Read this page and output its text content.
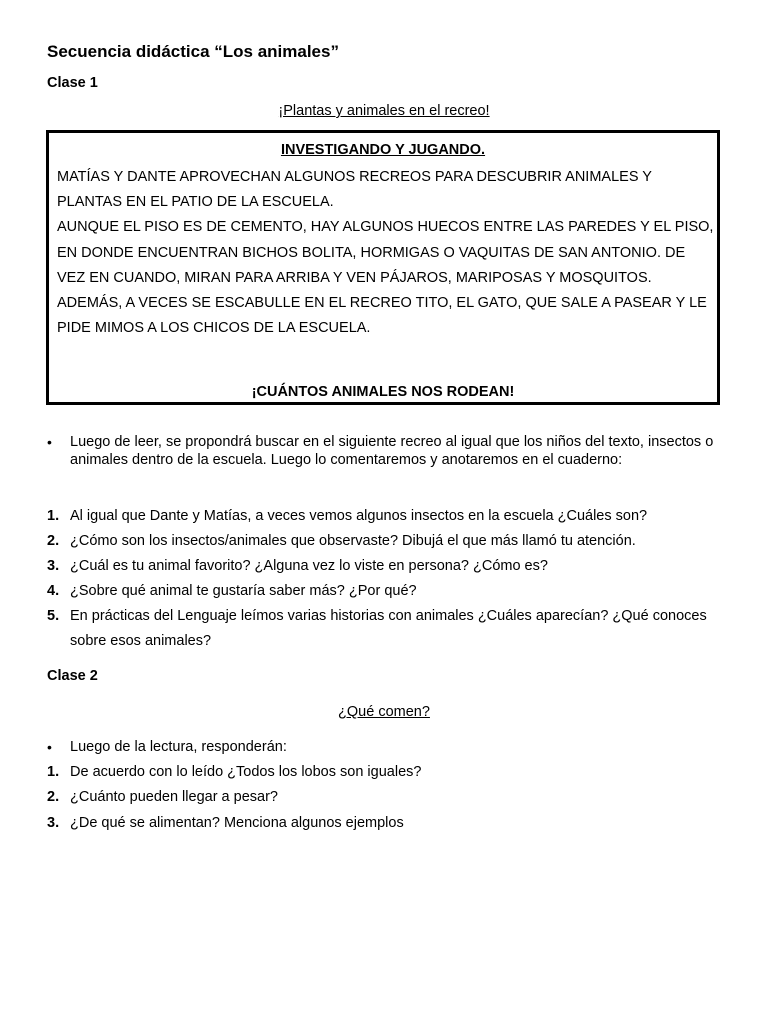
Secuencia didáctica “Los animales”
Clase 1

¡Plantas y animales en el recreo!

INVESTIGANDO Y JUGANDO.

MATÍAS Y DANTE APROVECHAN ALGUNOS RECREOS PARA DESCUBRIR ANIMALES Y PLANTAS EN EL PATIO DE LA ESCUELA.

AUNQUE EL PISO ES DE CEMENTO, HAY ALGUNOS HUECOS ENTRE LAS PAREDES Y EL PISO, EN DONDE ENCUENTRAN BICHOS BOLITA, HORMIGAS O VAQUITAS DE SAN ANTONIO. DE VEZ EN CUANDO, MIRAN PARA ARRIBA Y VEN PÁJAROS, MARIPOSAS Y MOSQUITOS.

ADEMÁS, A VECES SE ESCABULLE EN EL RECREO TITO, EL GATO, QUE SALE A PASEAR Y LE PIDE MIMOS A LOS CHICOS DE LA ESCUELA.

¡CUÁNTOS ANIMALES NOS RODEAN!
• Luego de leer, se propondrá buscar en el siguiente recreo al igual que los niños del texto, insectos o animales dentro de la escuela. Luego lo comentaremos y anotaremos en el cuaderno:
1. Al igual que Dante y Matías, a veces vemos algunos insectos en la escuela ¿Cuáles son?
2. ¿Cómo son los insectos/animales que observaste? Dibujá el que más llamó tu atención.
3. ¿Cuál es tu animal favorito? ¿Alguna vez lo viste en persona? ¿Cómo es?
4. ¿Sobre qué animal te gustaría saber más? ¿Por qué?
5. En prácticas del Lenguaje leímos varias historias con animales ¿Cuáles aparecían? ¿Qué conoces sobre esos animales?
Clase 2

¿Qué comen?

• Luego de la lectura, responderán:
1. De acuerdo con lo leído ¿Todos los lobos son iguales?
2. ¿Cuánto pueden llegar a pesar?
3. ¿De qué se alimentan? Menciona algunos ejemplos
